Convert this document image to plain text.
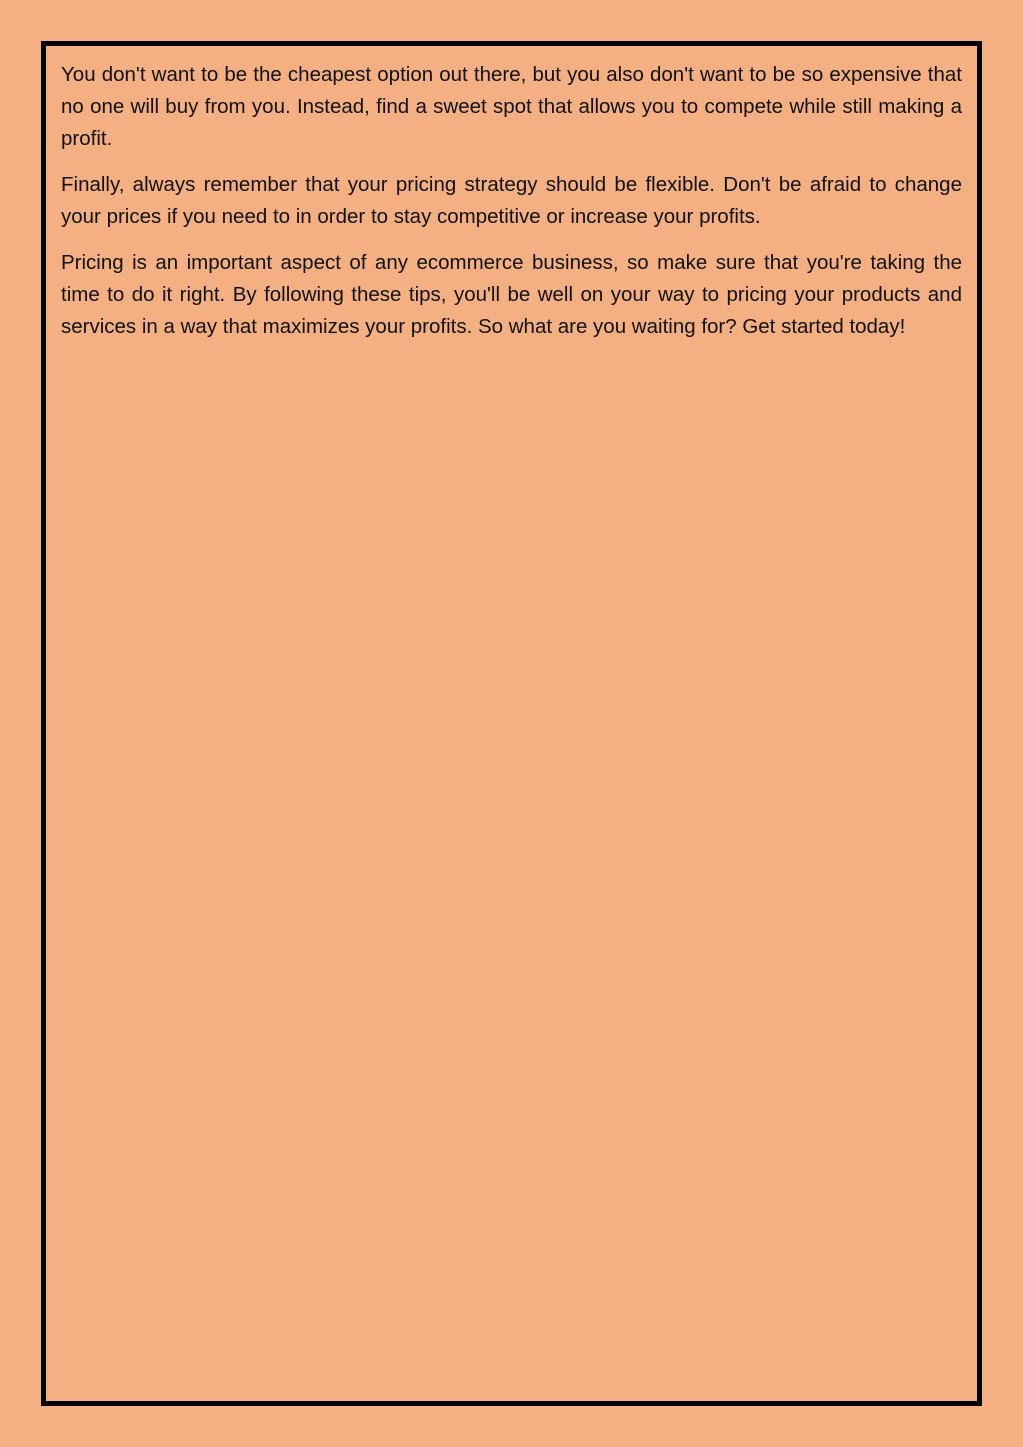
You don't want to be the cheapest option out there, but you also don't want to be so expensive that no one will buy from you. Instead, find a sweet spot that allows you to compete while still making a profit.

Finally, always remember that your pricing strategy should be flexible. Don't be afraid to change your prices if you need to in order to stay competitive or increase your profits.

Pricing is an important aspect of any ecommerce business, so make sure that you're taking the time to do it right. By following these tips, you'll be well on your way to pricing your products and services in a way that maximizes your profits. So what are you waiting for? Get started today!
